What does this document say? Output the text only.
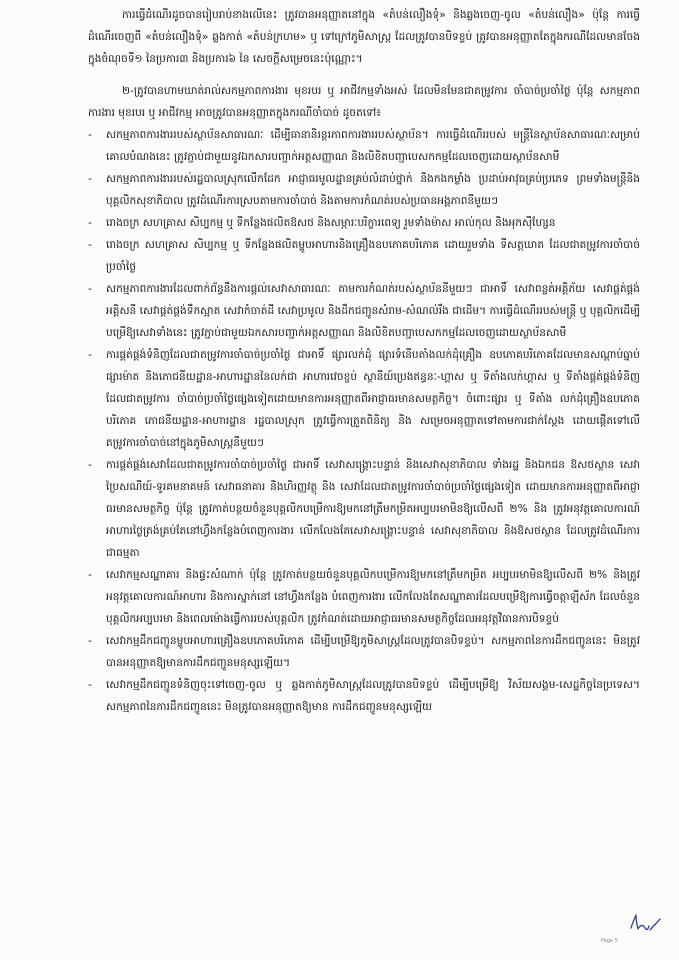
ការធ្វើដំណើរដូចបានរៀបរាប់ខាងលើនេះ ត្រូវបានអនុញ្ញាតនៅក្នុង «តំបន់លឿងទុំ» និងឆ្លងចេញ-ចូល «តំបន់លឿង» ប៉ុន្តែ ការធ្វើដំណើរចេញពី «តំបន់លឿងទុំ» ឆ្លងកាត់ «តំបន់ក្រហម» ឬ ទៅក្រៅភូមិសាស្ត្រ ដែលត្រូវបានបិទខ្ទប់ ត្រូវបានអនុញ្ញាតតែក្នុងករណីដែលមានចែងក្នុងចំណុចទី១ នៃប្រការ៣ និងប្រការ៦ នៃ សេចក្តីសម្រេចនេះប៉ុណ្ណោះ។

២-ត្រូវបានហាមឃាត់រាល់សកម្មភាពការងារ មុខរបរ ឬ អាជីវកម្មទាំងអស់ ដែលមិនមែនជាតម្រូវការ ចាំបាច់ប្រចាំថ្ងៃ ប៉ុន្តែ សកម្មភាពការងារ មុខរបរ ឬ អាជីវកម្ម អាចត្រូវបានអនុញ្ញាតក្នុងករណីចាំបាច់ ដូចតទៅ៖

- សកម្មភាពការងាររបស់ស្ថាប័នសាធារណៈ ដើម្បីធានានិរន្តរភាពការងាររបស់ស្ថាប័ន។ ការធ្វើដំណើររបស់ មន្ត្រីនៃស្ថាប័នសាធារណៈសម្រាប់គោលបំណងនេះ ត្រូវភ្ជាប់ជាមួយនូវឯកសារបញ្ជាក់អត្តសញ្ញាណ និងលិខិតបញ្ជាបេសកកម្មដែលចេញដោយស្ថាប័នសាមី
- សកម្មភាពការងាររបស់រដ្ឋបាលស្រុកលើកដែក អាជ្ញាធរមូលដ្ឋានគ្រប់លំដាប់ថ្នាក់ និងកងកម្លាំង ប្រដាប់អាវុធគ្រប់ប្រភេទ ព្រមទាំងមន្ត្រីនិងបុគ្គលិកសុខាភិបាល ត្រូវដំណើរការស្របតាមការចាំបាច់ និងតាមការកំណត់របស់ប្រធានអង្គភាពនីមួយៗ
- រោងចក្រ សហគ្រាស សិប្បកម្ម ឬ ទីកន្លែងផលិតឱសថ និងសម្ភារៈបរិក្ខារពេទ្យ រួមទាំងម៉ាស អាល់កុល និងអុកស៊ីហ្សែន
- រោងចក្រ សហគ្រាស សិប្បកម្ម ឬ ទីកន្លែងផលិតម្ហូបអាហារនិងគ្រឿងឧបភោគបរិភោគ ដោយរួមទាំង ទីសត្តឃាត ដែលជាតម្រូវការចាំបាច់ប្រចាំថ្ងៃ
- សកម្មភាពការងារដែលពាក់ព័ន្ធនឹងការផ្តល់សេវាសាធារណៈ តាមការកំណត់របស់ស្ថាប័ននីមួយៗ ជាអាទិ៍ សេវាពន្លត់អគ្គិភ័យ សេវាផ្គត់ផ្គង់អគ្គិសនី សេវាផ្គត់ផ្គង់ទឹកស្អាត សេវាកំចាត់ដី សេវាប្រមូល និងដឹកជញ្ជូនសំរាម-សំណល់រឹង ជាដើម។ ការធ្វើដំណើររបស់មន្ត្រី ឬ បុគ្គលិកដើម្បីបម្រើឱ្យសេវាទាំងនេះ ត្រូវភ្ជាប់ជាមួយឯកសារបញ្ជាក់អត្តសញ្ញាណ និងលិខិតបញ្ជាបេសកកម្មដែលចេញដោយស្ថាប័នសាមី
- ការផ្គត់ផ្គង់ទំនិញដែលជាតម្រូវការចាំបាច់ប្រចាំថ្ងៃ ជាអាទិ៍ ផ្សារលក់ដុំ ផ្សារទំនើបតាំងលក់ដុំគ្រឿង ឧបភោគបរិភោគដែលមានសណ្តាប់ធ្នាប់ ផ្សារម៉ាត និងភោជនីយដ្ឋាន-អាហារដ្ឋាននៃលក់ជា អាហារវេចខ្ចប់ ស្ថានីយ៍ប្រេងឥន្ធនៈ-ហ្គាស ឬ ទីតាំងលក់ហ្គាស ឬ ទីតាំងផ្គត់ផ្គង់ទំនិញដែលជាតម្រូវការ ចាំបាច់ប្រចាំថ្ងៃផ្សេងទៀតដោយមានការអនុញ្ញាតពីអាជ្ញាធរមានសមត្ថកិច្ច។ ចំពោះផ្សារ ឬ ទីតាំង លក់ដុំគ្រឿងឧបភោគបរិភោគ ភោជនីយដ្ឋាន-អាហារដ្ឋាន រដ្ឋបាលស្រុក ត្រូវធ្វើការត្រួតពិនិត្យ និង សម្រេចអនុញ្ញាតទៅតាមការជាក់ស្តែង ដោយផ្តើតទៅលើតម្រូវការចាំបាច់នៅក្នុងភូមិសាស្ត្រនីមួយៗ
- ការផ្គត់ផ្គង់សេវាដែលជាតម្រូវការចាំបាច់ប្រចាំថ្ងៃ ជាអាទិ៍ សេវាសង្គ្រោះបន្ទាន់ និងសេវាសុខាភិបាល ទាំងរដ្ឋ និងឯកជន ឱសថស្ថាន សេវាប្រៃសណីយ៍-ទូរគមនាគមន៍ សេវាធនាគារ និងហិរញ្ញវត្ថុ និង សេវាដែលជាតម្រូវការចាំបាច់ប្រចាំថ្ងៃផ្សេងទៀត ដោយមានការអនុញ្ញាតពីអាជ្ញាធរមានសមត្ថកិច្ច ប៉ុន្តែ ត្រូវកាត់បន្ថយចំនួនបុគ្គលិកបម្រើការឱ្យមកនៅត្រឹមកម្រិតអប្បបរមាមិនឱ្យលើសពី ២% និង ត្រូវអនុវត្តគោលការណ៍អាហារថ្ងៃត្រង់គ្រប់តែនៅហ្វឹងកន្លែងបំពេញការងារ លើកលែងតែសេវាសង្គ្រោះបន្ទាន់ សេវាសុខាភិបាល និងឱសថស្ថាន ដែលត្រូវដំណើរការជាធម្មតា
- សេវាកម្មសណ្ឋាគារ និងផ្ទះសំណាក់ ប៉ុន្តែ ត្រូវកាត់បន្ថយចំនួនបុគ្គលិកបម្រើការឱ្យមកនៅត្រឹមកម្រិត អប្បបរមាមិនឱ្យលើសពី ២% និងត្រូវអនុវត្តគោលការណ៍អាហារ និងការស្នាក់នៅ នៅហ្វឹងកន្លែង បំពេញការងារ លើកលែងតែសណ្ឋាគារដែលបម្រើឱ្យការធ្វើចត្តាឡីស័ក ដែលចំនួនបុគ្គលិកអប្បបរមា និងពេលម៉ោងធ្វើការរបស់បុគ្គលិក ត្រូវកំណត់ដោយអាជ្ញាធរមានសមត្ថកិច្ចដែលអនុវត្តវិធានការបិទខ្ទប់
- សេវាកម្មដឹកជញ្ជូនម្ហូបអាហារគ្រឿងឧបភោគបរិភោគ ដើម្បីបម្រើឱ្យភូមិសាស្ត្រដែលត្រូវបានបិទខ្ទប់។ សកម្មភាពនៃការដឹកជញ្ជូននេះ មិនត្រូវបានអនុញ្ញាតឱ្យមានការដឹកជញ្ជូនមនុស្សឡើយ។
- សេវាកម្មដឹកជញ្ជូនទំនិញចុះទៅចេញ-ចូល ឬ ឆ្លងកាត់ភូមិសាស្ត្រដែលត្រូវបានបិទខ្ទប់ ដើម្បីបម្រើឱ្យ វិស័យសង្គម-សេដ្ឋកិច្ចនៃប្រទេស។ សកម្មភាពនៃការដឹកជញ្ជូននេះ មិនត្រូវបានអនុញ្ញាតឱ្យមាន ការដឹកជញ្ជូនមនុស្សឡើយ
Page 5
